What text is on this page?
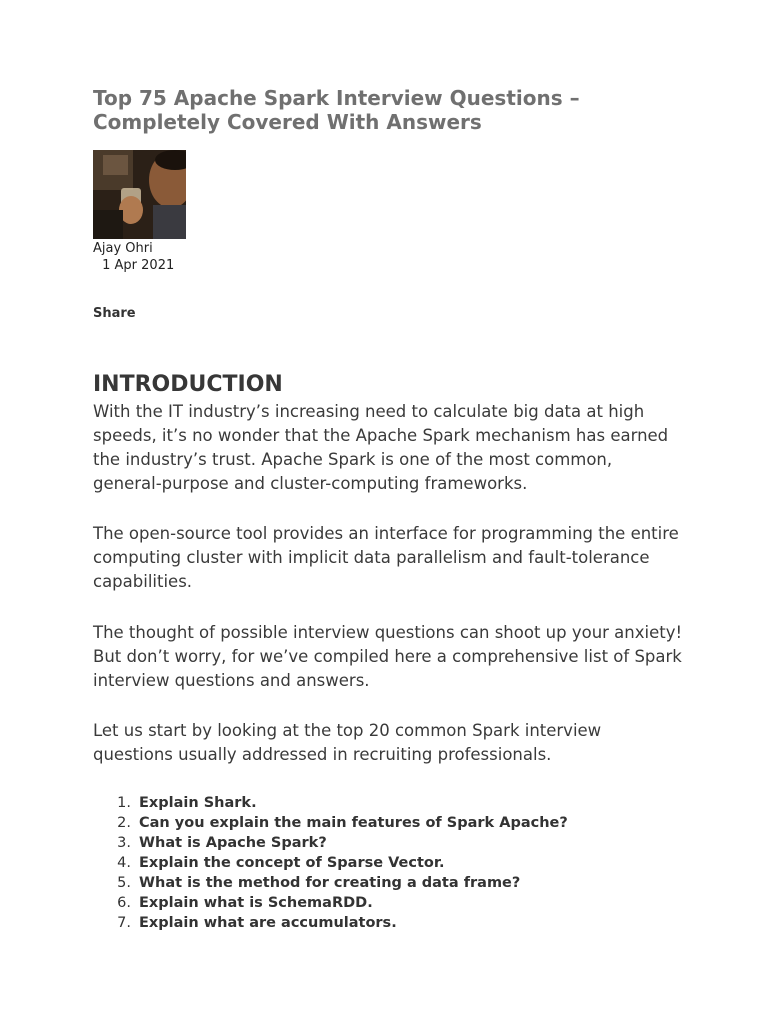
Top 75 Apache Spark Interview Questions – Completely Covered With Answers
Ajay Ohri
1 Apr 2021
Share
INTRODUCTION

With the IT industry’s increasing need to calculate big data at high speeds, it’s no wonder that the Apache Spark mechanism has earned the industry’s trust. Apache Spark is one of the most common, general-purpose and cluster-computing frameworks.

The open-source tool provides an interface for programming the entire computing cluster with implicit data parallelism and fault-tolerance capabilities.

The thought of possible interview questions can shoot up your anxiety! But don’t worry, for we’ve compiled here a comprehensive list of Spark interview questions and answers.

Let us start by looking at the top 20 common Spark interview questions usually addressed in recruiting professionals.

1. Explain Shark.
2. Can you explain the main features of Spark Apache?
3. What is Apache Spark?
4. Explain the concept of Sparse Vector.
5. What is the method for creating a data frame?
6. Explain what is SchemaRDD.
7. Explain what are accumulators.
